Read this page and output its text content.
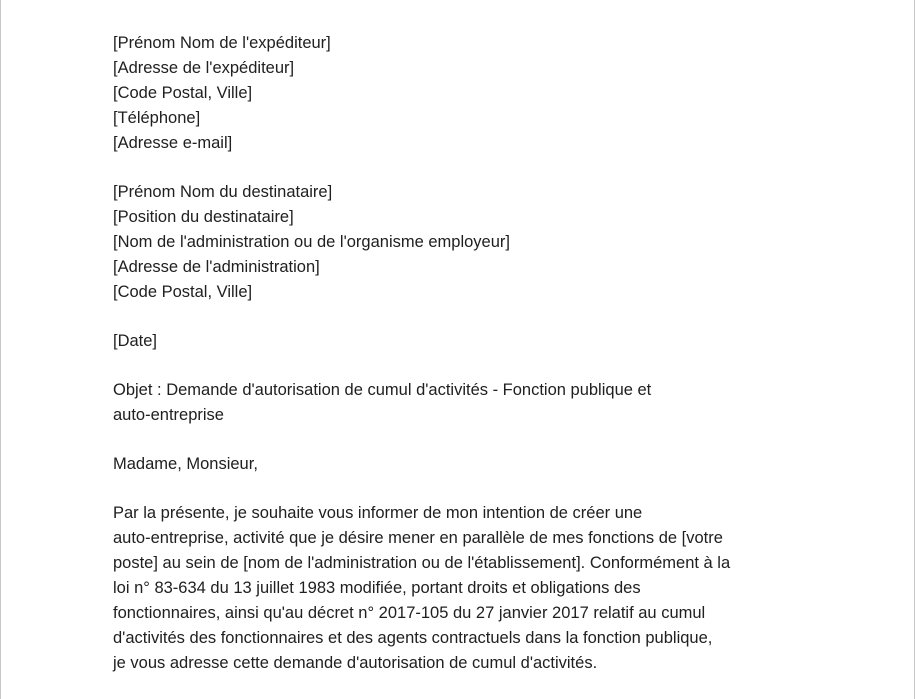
[Prénom Nom de l'expéditeur]
[Adresse de l'expéditeur]
[Code Postal, Ville]
[Téléphone]
[Adresse e-mail]
[Prénom Nom du destinataire]
[Position du destinataire]
[Nom de l'administration ou de l'organisme employeur]
[Adresse de l'administration]
[Code Postal, Ville]
[Date]
Objet : Demande d'autorisation de cumul d'activités - Fonction publique et
auto-entreprise
Madame, Monsieur,
Par la présente, je souhaite vous informer de mon intention de créer une
auto-entreprise, activité que je désire mener en parallèle de mes fonctions de [votre
poste] au sein de [nom de l'administration ou de l'établissement]. Conformément à la
loi n° 83-634 du 13 juillet 1983 modifiée, portant droits et obligations des
fonctionnaires, ainsi qu'au décret n° 2017-105 du 27 janvier 2017 relatif au cumul
d'activités des fonctionnaires et des agents contractuels dans la fonction publique,
je vous adresse cette demande d'autorisation de cumul d'activités.
